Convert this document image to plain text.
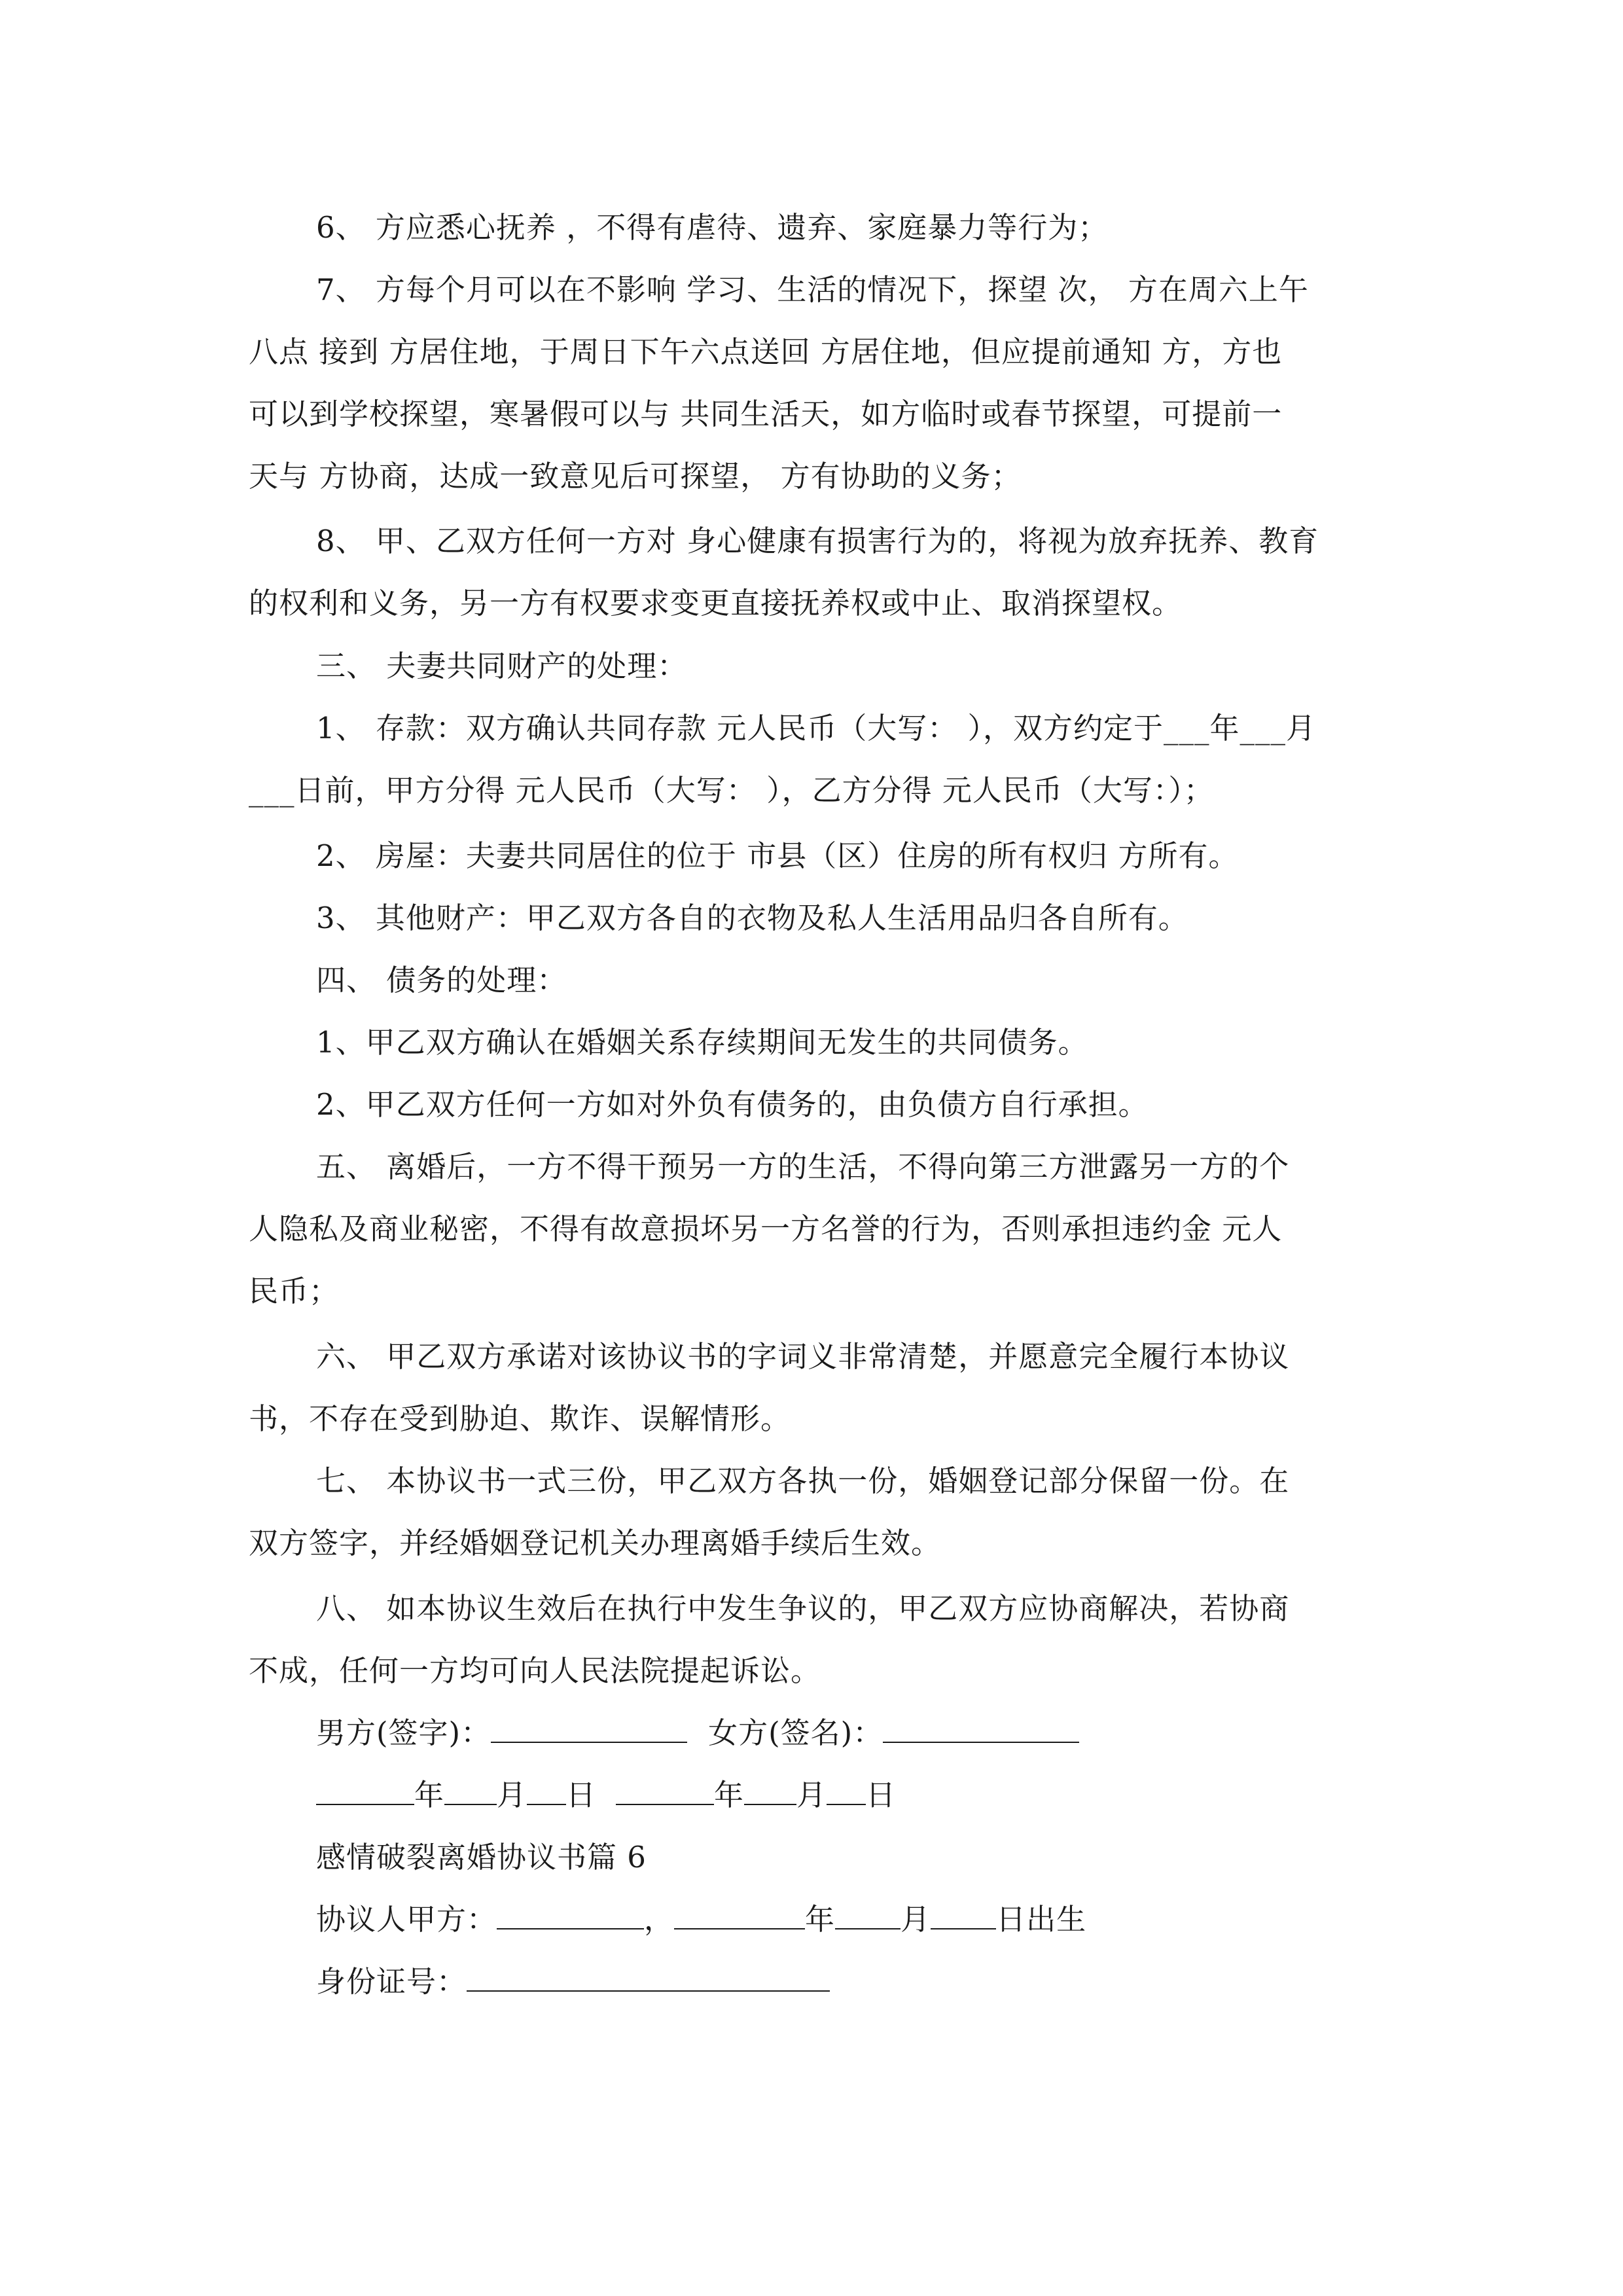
6、 方应悉心抚养 ，不得有虐待、遗弃、家庭暴力等行为；
7、 方每个月可以在不影响 学习、生活的情况下，探望 次， 方在周六上午
八点 接到 方居住地，于周日下午六点送回 方居住地，但应提前通知 方，方也
可以到学校探望，寒暑假可以与 共同生活天，如方临时或春节探望，可提前一
天与 方协商，达成一致意见后可探望， 方有协助的义务；
8、 甲、乙双方任何一方对 身心健康有损害行为的，将视为放弃抚养、教育
的权利和义务，另一方有权要求变更直接抚养权或中止、取消探望权。
三、 夫妻共同财产的处理：
1、 存款：双方确认共同存款 元人民币（大写： ），双方约定于___年___月
___日前，甲方分得 元人民币（大写： ），乙方分得 元人民币（大写：）；
2、 房屋：夫妻共同居住的位于 市县（区）住房的所有权归 方所有。
3、 其他财产：甲乙双方各自的衣物及私人生活用品归各自所有。
四、 债务的处理：
1、甲乙双方确认在婚姻关系存续期间无发生的共同债务。
2、甲乙双方任何一方如对外负有债务的，由负债方自行承担。
五、 离婚后，一方不得干预另一方的生活，不得向第三方泄露另一方的个
人隐私及商业秘密，不得有故意损坏另一方名誉的行为，否则承担违约金 元人
民币；
六、 甲乙双方承诺对该协议书的字词义非常清楚，并愿意完全履行本协议
书，不存在受到胁迫、欺诈、误解情形。
七、 本协议书一式三份，甲乙双方各执一份，婚姻登记部分保留一份。在
双方签字，并经婚姻登记机关办理离婚手续后生效。
八、 如本协议生效后在执行中发生争议的，甲乙双方应协商解决，若协商
不成，任何一方均可向人民法院提起诉讼。
男方(签字)：	女方(签名)：
年 月 日	年 月 日
感情破裂离婚协议书篇 6
协议人甲方：	，	年 月 日出生
身份证号：
